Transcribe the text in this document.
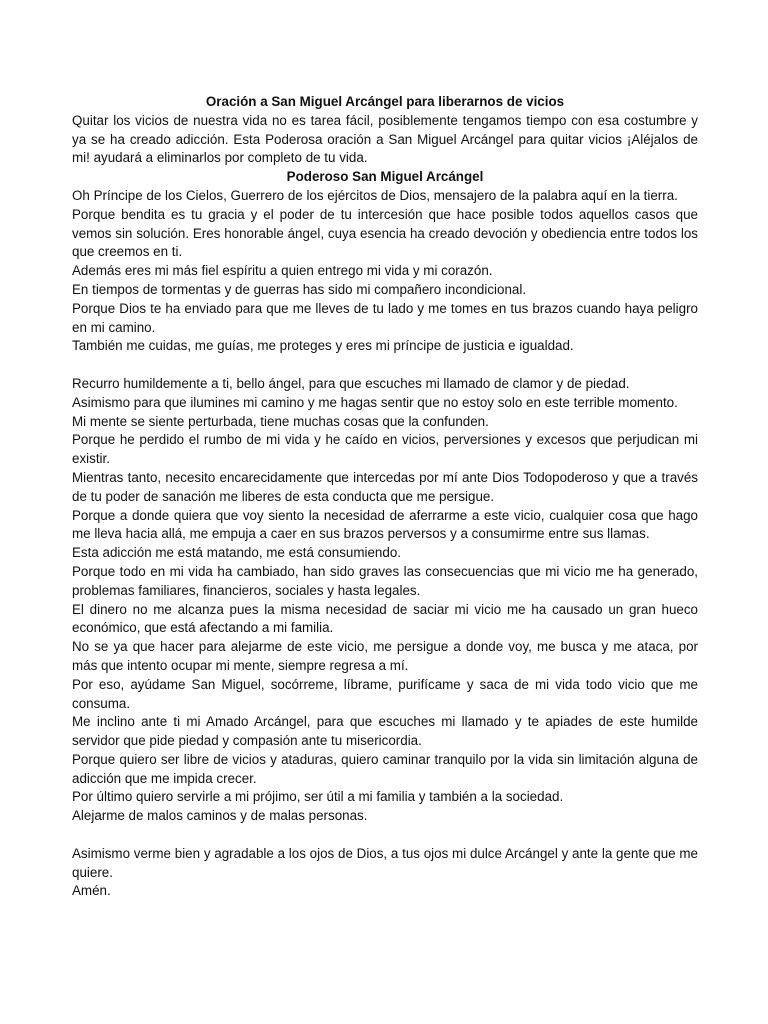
Oración a San Miguel Arcángel para liberarnos de vicios

Quitar los vicios de nuestra vida no es tarea fácil, posiblemente tengamos tiempo con esa costumbre y ya se ha creado adicción. Esta Poderosa oración a San Miguel Arcángel para quitar vicios ¡Aléjalos de mi! ayudará a eliminarlos por completo de tu vida.

Poderoso San Miguel Arcángel

Oh Príncipe de los Cielos, Guerrero de los ejércitos de Dios, mensajero de la palabra aquí en la tierra.

Porque bendita es tu gracia y el poder de tu intercesión que hace posible todos aquellos casos que vemos sin solución. Eres honorable ángel, cuya esencia ha creado devoción y obediencia entre todos los que creemos en ti.

Además eres mi más fiel espíritu a quien entrego mi vida y mi corazón.

En tiempos de tormentas y de guerras has sido mi compañero incondicional.

Porque Dios te ha enviado para que me lleves de tu lado y me tomes en tus brazos cuando haya peligro en mi camino.

También me cuidas, me guías, me proteges y eres mi príncipe de justicia e igualdad.

Recurro humildemente a ti, bello ángel, para que escuches mi llamado de clamor y de piedad.

Asimismo para que ilumines mi camino y me hagas sentir que no estoy solo en este terrible momento.

Mi mente se siente perturbada, tiene muchas cosas que la confunden.

Porque he perdido el rumbo de mi vida y he caído en vicios, perversiones y excesos que perjudican mi existir.

Mientras tanto, necesito encarecidamente que intercedas por mí ante Dios Todopoderoso y que a través de tu poder de sanación me liberes de esta conducta que me persigue.

Porque a donde quiera que voy siento la necesidad de aferrarme a este vicio, cualquier cosa que hago me lleva hacia allá, me empuja a caer en sus brazos perversos y a consumirme entre sus llamas.

Esta adicción me está matando, me está consumiendo.

Porque todo en mi vida ha cambiado, han sido graves las consecuencias que mi vicio me ha generado, problemas familiares, financieros, sociales y hasta legales.

El dinero no me alcanza pues la misma necesidad de saciar mi vicio me ha causado un gran hueco económico, que está afectando a mi familia.

No se ya que hacer para alejarme de este vicio, me persigue a donde voy, me busca y me ataca, por más que intento ocupar mi mente, siempre regresa a mí.

Por eso, ayúdame San Miguel, socórreme, líbrame, purifícame y saca de mi vida todo vicio que me consuma.

Me inclino ante ti mi Amado Arcángel, para que escuches mi llamado y te apiades de este humilde servidor que pide piedad y compasión ante tu misericordia.

Porque quiero ser libre de vicios y ataduras, quiero caminar tranquilo por la vida sin limitación alguna de adicción que me impida crecer.

Por último quiero servirle a mi prójimo, ser útil a mi familia y también a la sociedad.

Alejarme de malos caminos y de malas personas.

Asimismo verme bien y agradable a los ojos de Dios, a tus ojos mi dulce Arcángel y ante la gente que me quiere.

Amén.
